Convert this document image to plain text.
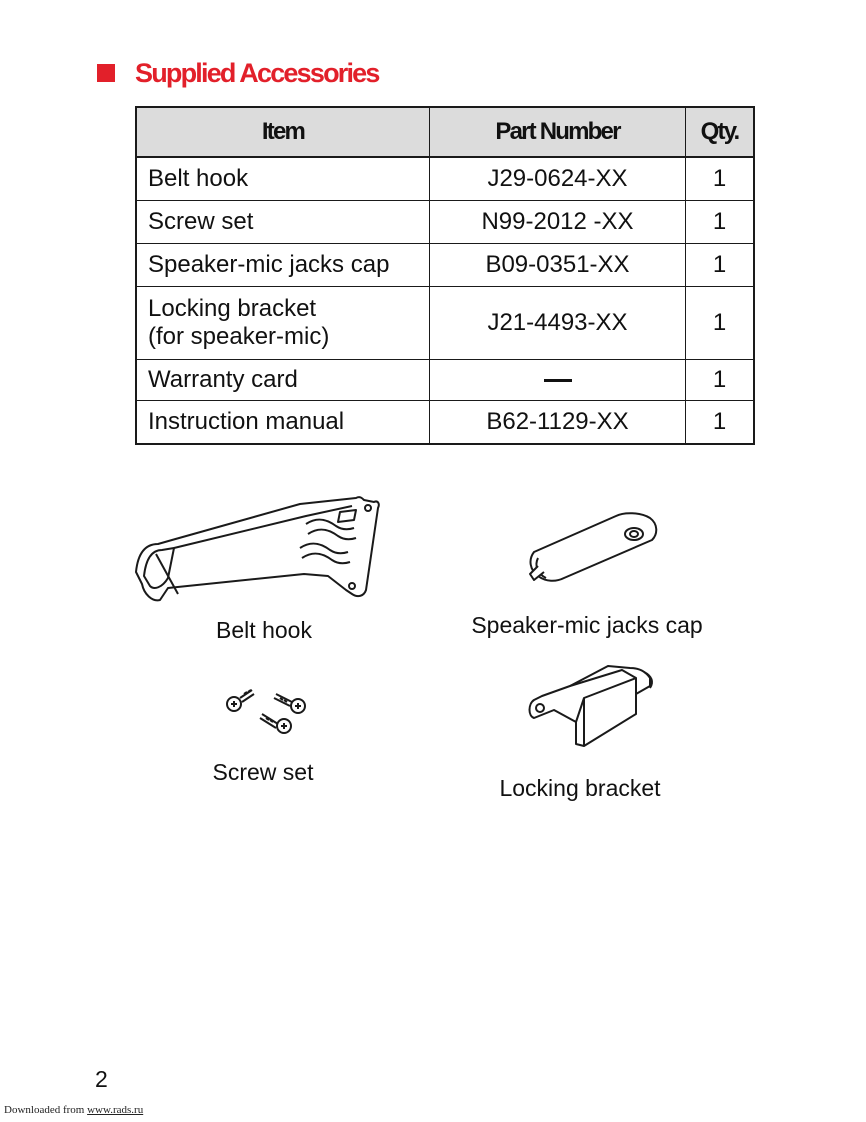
Supplied Accessories
Item	Part Number	Qty.

Belt hook	J29-0624-XX	1

Screw set	N99-2012 -XX	1

Speaker-mic jacks cap	B09-0351-XX	1

Locking bracket
(for speaker-mic)	J21-4493-XX	1

Warranty card		1

Instruction manual	B62-1129-XX	1
Belt hook	Speaker-mic jacks cap
Screw set
Locking bracket
2
Downloaded from www.rads.ru
